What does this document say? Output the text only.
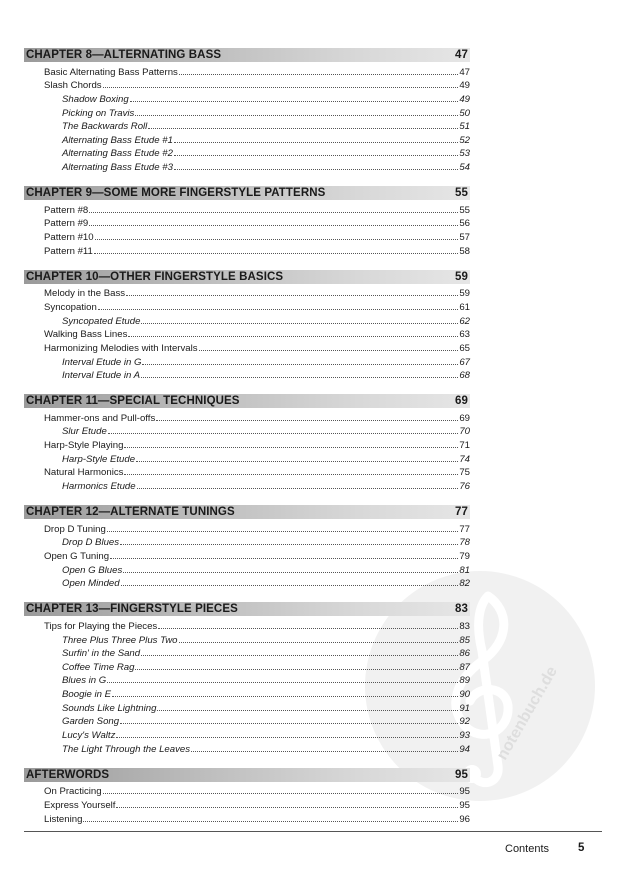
notenbuch.de
CHAPTER 8—ALTERNATING BASS	47
Basic Alternating Bass Patterns	47
Slash Chords	49
Shadow Boxing	49
Picking on Travis	50
The Backwards Roll	51
Alternating Bass Etude #1	52
Alternating Bass Etude #2	53
Alternating Bass Etude #3	54
CHAPTER 9—SOME MORE FINGERSTYLE PATTERNS	55
Pattern #8	55
Pattern #9	56
Pattern #10	57
Pattern #11	58
CHAPTER 10—OTHER FINGERSTYLE BASICS	59
Melody in the Bass	59
Syncopation	61
Syncopated Etude	62
Walking Bass Lines	63
Harmonizing Melodies with Intervals	65
Interval Etude in G	67
Interval Etude in A	68
CHAPTER 11—SPECIAL TECHNIQUES	69
Hammer-ons and Pull-offs	69
Slur Etude	70
Harp-Style Playing	71
Harp-Style Etude	74
Natural Harmonics	75
Harmonics Etude	76
CHAPTER 12—ALTERNATE TUNINGS	77
Drop D Tuning	77
Drop D Blues	78
Open G Tuning	79
Open G Blues	81
Open Minded	82
CHAPTER 13—FINGERSTYLE PIECES	83
Tips for Playing the Pieces	83
Three Plus Three Plus Two	85
Surfin' in the Sand	86
Coffee Time Rag	87
Blues in G	89
Boogie in E	90
Sounds Like Lightning	91
Garden Song	92
Lucy's Waltz	93
The Light Through the Leaves	94
AFTERWORDS	95
On Practicing	95
Express Yourself	95
Listening	96
Contents	5
